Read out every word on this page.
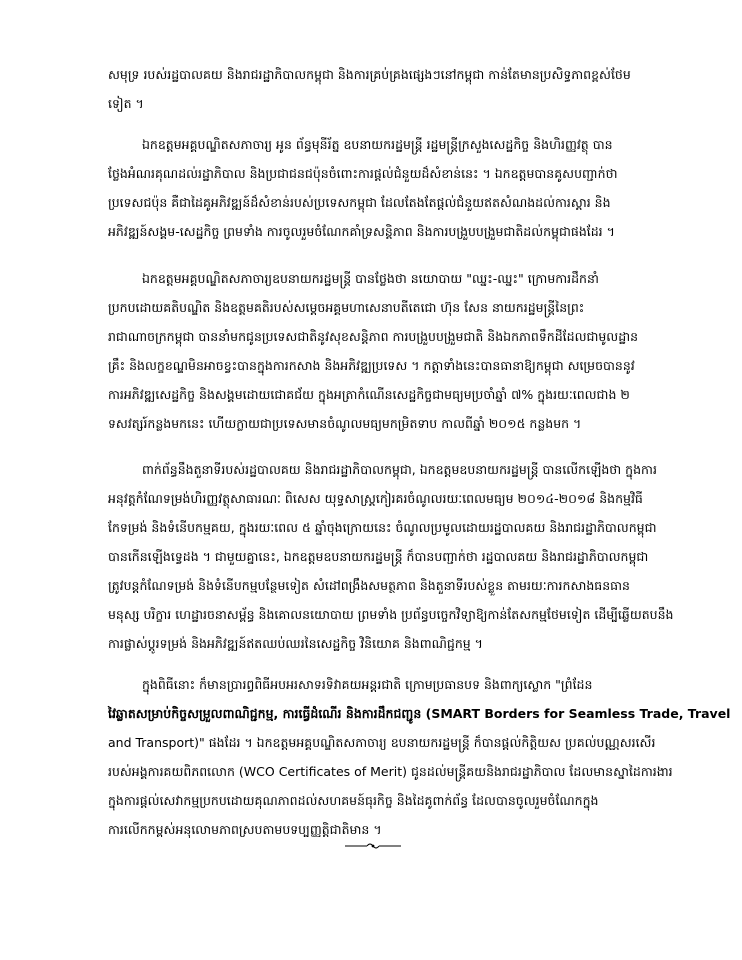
សមុទ្រ របស់រដ្ឋបាលគយ និងរាជរដ្ឋាភិបាលកម្ពុជា និងការគ្រប់គ្រងផ្សេងៗនៅកម្ពុជា កាន់តែមានប្រសិទ្ធភាពខ្ពស់ថែម
ទៀត ។
ឯកឧត្តមអគ្គបណ្ឌិតសភាចារ្យ អូន ព័ន្ធមុនីរ័ត្ន ឧបនាយករដ្ឋមន្ត្រី រដ្ឋមន្ត្រីក្រសួងសេដ្ឋកិច្ច និងហិរញ្ញវត្ថុ បាន
ថ្លែងអំណរគុណដល់រដ្ឋាភិបាល និងប្រជាជនជប៉ុនចំពោះការផ្ដល់ជំនួយដ៏សំខាន់នេះ ។ ឯកឧត្តមបានគូសបញ្ជាក់ថា
ប្រទេសជប៉ុន គឺជាដៃគូអភិវឌ្ឍន៍ដ៏សំខាន់របស់ប្រទេសកម្ពុជា ដែលតែងតែផ្ដល់ជំនួយឥតសំណងដល់ការស្តារ និង
អភិវឌ្ឍន៍សង្គម-សេដ្ឋកិច្ច ព្រមទាំង ការចូលរួមចំណែកគាំទ្រសន្តិភាព និងការបង្រួបបង្រួមជាតិដល់កម្ពុជាផងដែរ ។
ឯកឧត្តមអគ្គបណ្ឌិតសភាចារ្យឧបនាយករដ្ឋមន្ត្រី បានថ្លែងថា នយោបាយ "ឈ្នះ-ឈ្នះ" ក្រោមការដឹកនាំ
ប្រកបដោយគតិបណ្ឌិត និងឧត្ដមគតិរបស់សម្ដេចអគ្គមហាសេនាបតីតេជោ ហ៊ុន សែន នាយករដ្ឋមន្ត្រីនៃព្រះ
រាជាណាចក្រកម្ពុជា បាននាំមកជូនប្រទេសជាតិនូវសុខសន្តិភាព ការបង្រួបបង្រួមជាតិ និងឯកភាពទឹកដីដែលជាមូលដ្ឋាន
គ្រឹះ និងលក្ខខណ្ឌមិនអាចខ្វះបានក្នុងការកសាង និងអភិវឌ្ឍប្រទេស ។ កត្តាទាំងនេះបានធានាឱ្យកម្ពុជា សម្រេចបាននូវ
ការអភិវឌ្ឍសេដ្ឋកិច្ច និងសង្គមដោយជោគជ័យ ក្នុងអត្រាកំណើនសេដ្ឋកិច្ចជាមធ្យមប្រចាំឆ្នាំ ៧% ក្នុងរយៈពេលជាង ២
ទសវត្សរ៍កន្លងមកនេះ ហើយក្លាយជាប្រទេសមានចំណូលមធ្យមកម្រិតទាប កាលពីឆ្នាំ ២០១៥ កន្លងមក ។
ពាក់ព័ន្ធនឹងតួនាទីរបស់រដ្ឋបាលគយ និងរាជរដ្ឋាភិបាលកម្ពុជា, ឯកឧត្តមឧបនាយករដ្ឋមន្ត្រី បានលើកឡើងថា ក្នុងការ
អនុវត្តកំណែទម្រង់ហិរញ្ញវត្ថុសាធារណៈ ពិសេស យុទ្ធសាស្ត្រកៀរគរចំណូលរយៈពេលមធ្យម ២០១៤-២០១៨ និងកម្មវិធី
កែទម្រង់ និងទំនើបកម្មគយ, ក្នុងរយៈពេល ៥ ឆ្នាំចុងក្រោយនេះ ចំណូលប្រមូលដោយរដ្ឋបាលគយ និងរាជរដ្ឋាភិបាលកម្ពុជា
បានកើនឡើងទ្វេដង ។ ជាមួយគ្នានេះ, ឯកឧត្តមឧបនាយករដ្ឋមន្ត្រី ក៏បានបញ្ជាក់ថា រដ្ឋបាលគយ និងរាជរដ្ឋាភិបាលកម្ពុជា
ត្រូវបន្តកំណែទម្រង់ និងទំនើបកម្មបន្ថែមទៀត សំដៅពង្រឹងសមត្ថភាព និងតួនាទីរបស់ខ្លួន តាមរយៈការកសាងធនធាន
មនុស្ស បរិក្ខារ ហេដ្ឋារចនាសម្ព័ន្ធ និងគោលនយោបាយ ព្រមទាំង ប្រព័ន្ធបច្ចេកវិទ្យាឱ្យកាន់តែសកម្មថែមទៀត ដើម្បីឆ្លើយតបនឹង
ការផ្លាស់ប្ដូរទម្រង់ និងអភិវឌ្ឍន៍ឥតឈប់ឈរនៃសេដ្ឋកិច្ច វិនិយោគ និងពាណិជ្ជកម្ម ។
ក្នុងពិធីនោះ ក៏មានប្រារព្ធពិធីអបអរសាទរទិវាគយអន្តរជាតិ ក្រោមប្រធានបទ និងពាក្យស្លោក "ព្រំដែន
វៃឆ្លាតសម្រាប់កិច្ចសម្រួលពាណិជ្ជកម្ម, ការធ្វើដំណើរ និងការដឹកជញ្ជូន (SMART Borders for Seamless Trade, Travel
and Transport)" ផងដែរ ។ ឯកឧត្តមអគ្គបណ្ឌិតសភាចារ្យ ឧបនាយករដ្ឋមន្ត្រី ក៏បានផ្ដល់កិត្តិយស ប្រគល់បណ្ណសរសើរ
របស់អង្គការគយពិភពលោក (WCO Certificates of Merit) ជូនដល់មន្ត្រីគយនិងរាជរដ្ឋាភិបាល ដែលមានស្នាដៃការងារ
ក្នុងការផ្ដល់សេវាកម្មប្រកបដោយគុណភាពដល់សហគមន៍ធុរកិច្ច និងដៃគូពាក់ព័ន្ធ ដែលបានចូលរួមចំណែកក្នុង
ការលើកកម្ពស់អនុលោមភាពស្របតាមបទប្បញ្ញត្តិជាតិមាន ។
